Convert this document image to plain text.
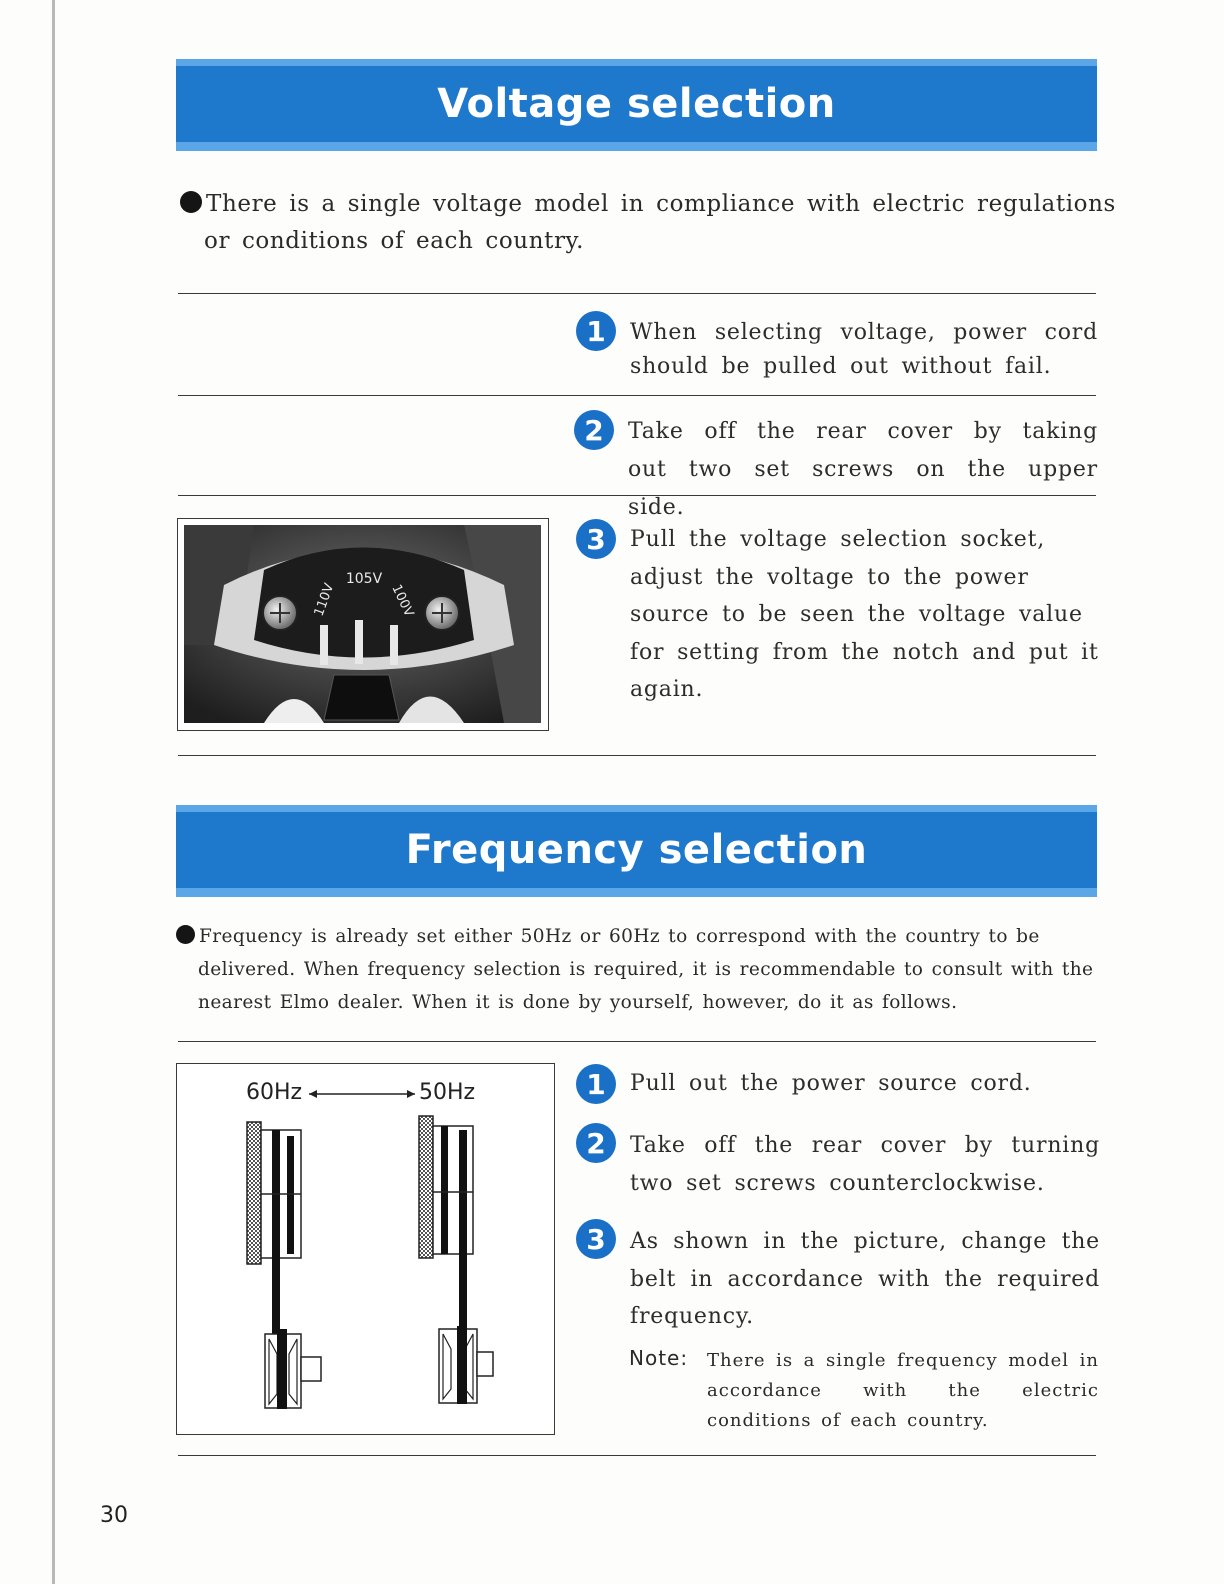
Voltage selection

There is a single voltage model in compliance with electric regulations or conditions of each country.

1	When selecting voltage, power cord should be pulled out without fail.

2	Take off the rear cover by taking out two set screws on the upper side.

105V
110V	100V
3	Pull the voltage selection socket, adjust the voltage to the power source to be seen the voltage value for setting from the notch and put it again.

Frequency selection

Frequency is already set either 50Hz or 60Hz to correspond with the country to be delivered. When frequency selection is required, it is recommendable to consult with the nearest Elmo dealer. When it is done by yourself, however, do it as follows.

60Hz	50Hz	1	Pull out the power source cord.

2	Take off the rear cover by turning two set screws counterclockwise.

3	As shown in the picture, change the belt in accordance with the required frequency.

Note: There is a single frequency model in accordance with the electric conditions of each country.

30
